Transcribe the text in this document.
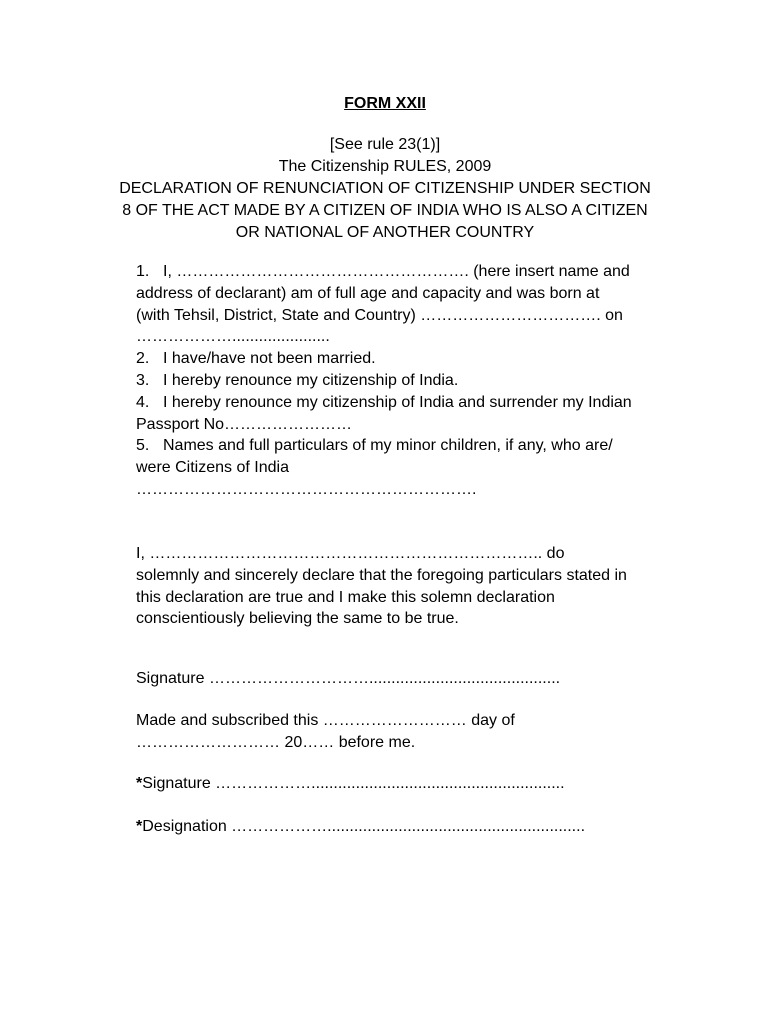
FORM XXII
[See rule 23(1)]
The Citizenship RULES, 2009
DECLARATION OF RENUNCIATION OF CITIZENSHIP UNDER SECTION
8 OF THE ACT MADE BY A CITIZEN OF INDIA WHO IS ALSO A CITIZEN
OR NATIONAL OF ANOTHER COUNTRY
1. I, ………………………………………………. (here insert name and
address of declarant) am of full age and capacity and was born at
(with Tehsil, District, State and Country) ……………………………. on
………………......................
2. I have/have not been married.
3. I hereby renounce my citizenship of India.
4. I hereby renounce my citizenship of India and surrender my Indian
Passport No……………………
5. Names and full particulars of my minor children, if any, who are/
were Citizens of India
……………………………………………………….
I, ……………………………………………………………….. do
solemnly and sincerely declare that the foregoing particulars stated in
this declaration are true and I make this solemn declaration
conscientiously believing the same to be true.
Signature …………………………...........................................
Made and subscribed this ……………………… day of
……………………… 20…… before me.
*Signature ……………….........................................................
*Designation ………………..........................................................
